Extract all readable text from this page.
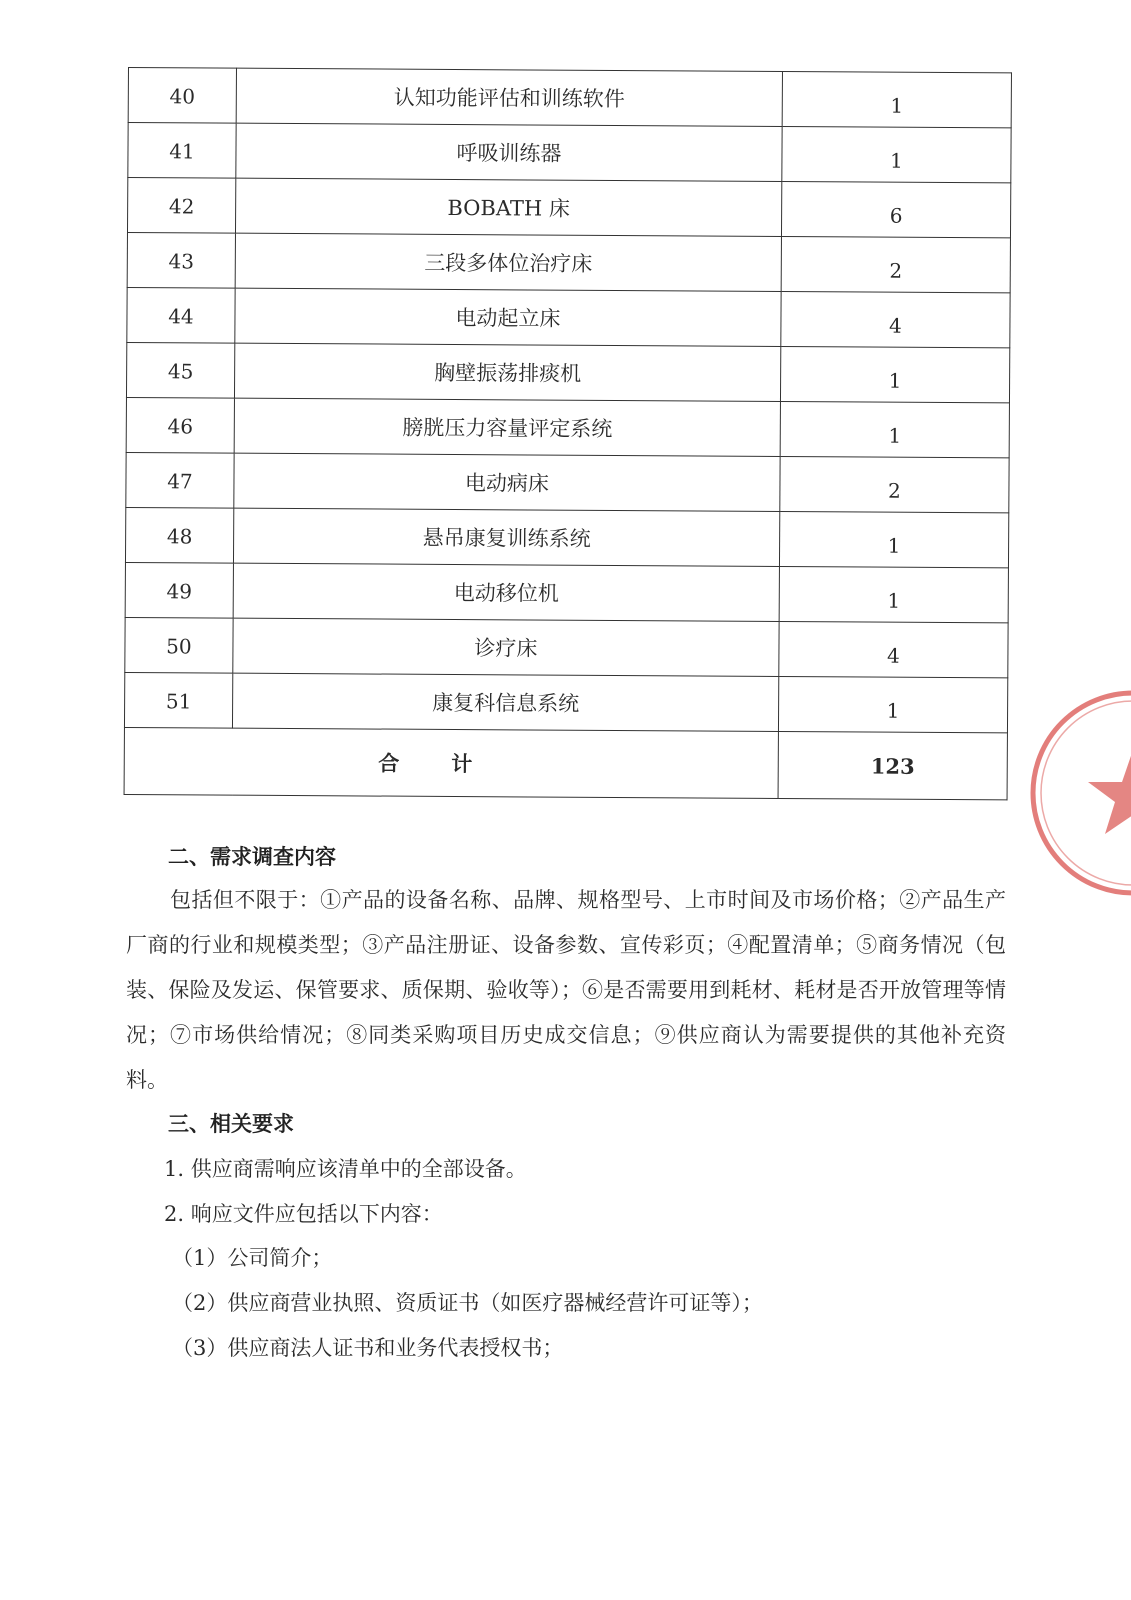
40	认知功能评估和训练软件	1
41	呼吸训练器	1
42	BOBATH 床	6
43	三段多体位治疗床	2
44	电动起立床	4
45	胸壁振荡排痰机	1
46	膀胱压力容量评定系统	1
47	电动病床	2
48	悬吊康复训练系统	1
49	电动移位机	1
50	诊疗床	4
51	康复科信息系统	1
合计		123
二、需求调查内容
包括但不限于：①产品的设备名称、品牌、规格型号、上市时间及市场价格；②产品生产厂商的行业和规模类型；③产品注册证、设备参数、宣传彩页；④配置清单；⑤商务情况（包装、保险及发运、保管要求、质保期、验收等）；⑥是否需要用到耗材、耗材是否开放管理等情况；⑦市场供给情况；⑧同类采购项目历史成交信息；⑨供应商认为需要提供的其他补充资料。
三、相关要求
1. 供应商需响应该清单中的全部设备。
2. 响应文件应包括以下内容：
（1）公司简介；
（2）供应商营业执照、资质证书（如医疗器械经营许可证等）；
（3）供应商法人证书和业务代表授权书；
